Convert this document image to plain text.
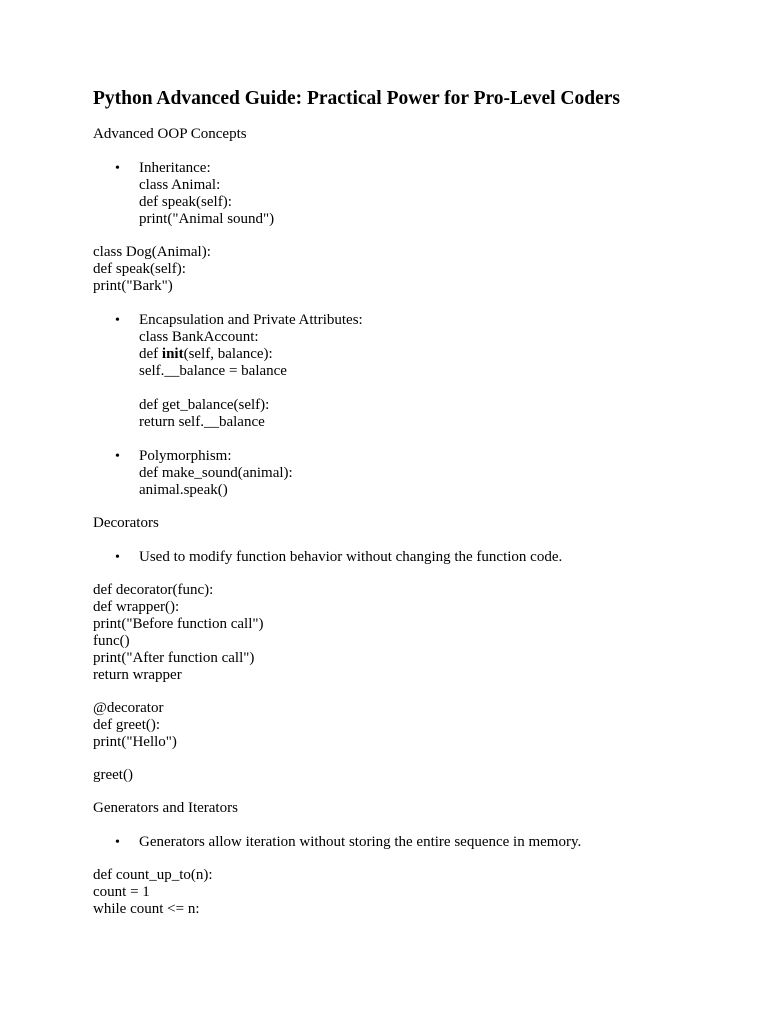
Python Advanced Guide: Practical Power for Pro-Level Coders
Advanced OOP Concepts
• Inheritance:
class Animal:
def speak(self):
print("Animal sound")
class Dog(Animal):
def speak(self):
print("Bark")
• Encapsulation and Private Attributes:
class BankAccount:
def init(self, balance):
self.__balance = balance
def get_balance(self):
return self.__balance
• Polymorphism:
def make_sound(animal):
animal.speak()
Decorators
• Used to modify function behavior without changing the function code.
def decorator(func):
def wrapper():
print("Before function call")
func()
print("After function call")
return wrapper
@decorator
def greet():
print("Hello")
greet()
Generators and Iterators
• Generators allow iteration without storing the entire sequence in memory.
def count_up_to(n):
count = 1
while count <= n:
